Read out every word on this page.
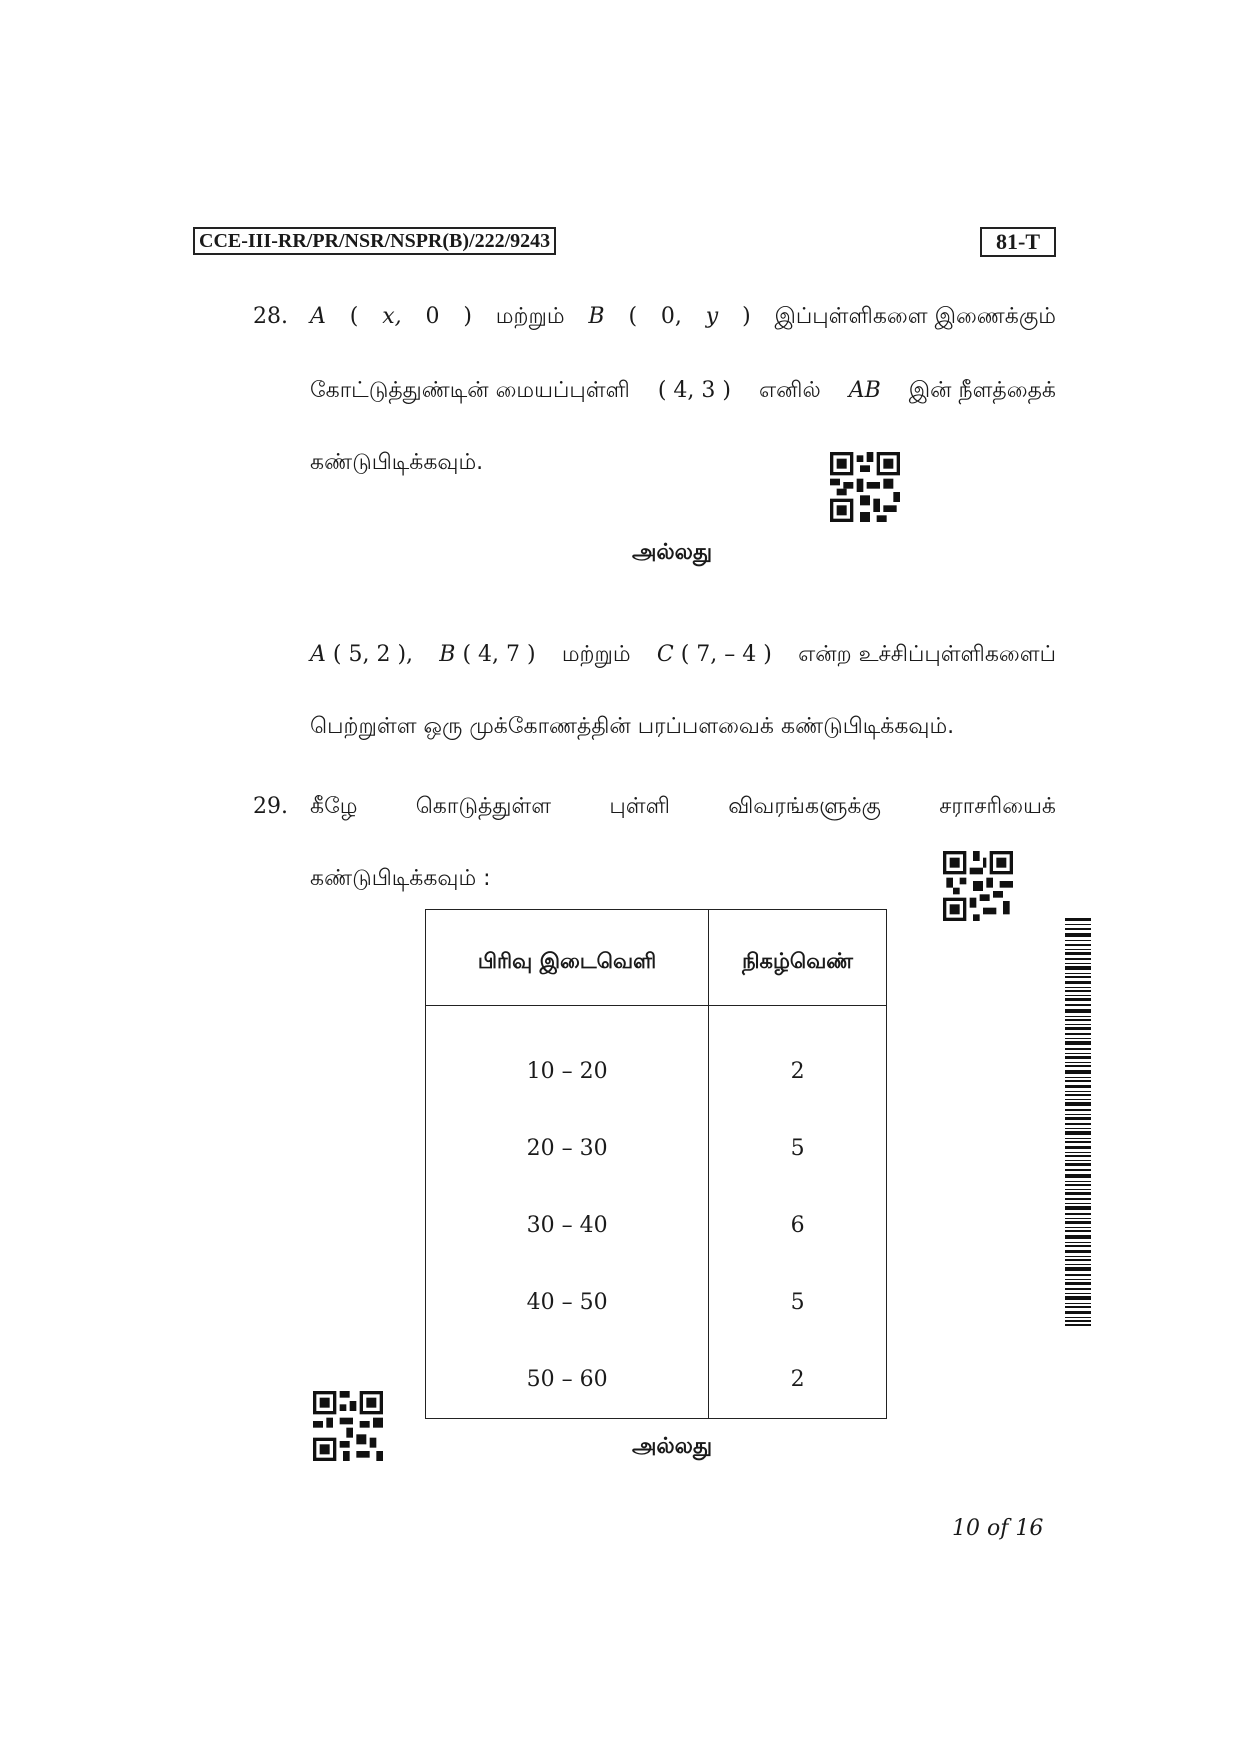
CCE-III-RR/PR/NSR/NSPR(B)/222/9243	81-T
28. A ( x, 0 ) மற்றும் B ( 0, y ) இப்புள்ளிகளை இணைக்கும்
கோட்டுத்துண்டின் மையப்புள்ளி ( 4, 3 ) எனில் AB இன் நீளத்தைக்
கண்டுபிடிக்கவும்.
அல்லது
A ( 5, 2 ), B ( 4, 7 ) மற்றும் C ( 7, – 4 ) என்ற உச்சிப்புள்ளிகளைப்
பெற்றுள்ள ஒரு முக்கோணத்தின் பரப்பளவைக் கண்டுபிடிக்கவும்.
29. கீழே	கொடுத்துள்ள	புள்ளி	விவரங்களுக்கு	சராசரியைக்
கண்டுபிடிக்கவும் :
பிரிவு இடைவெளி	நிகழ்வெண்
10 – 20	2
20 – 30	5
30 – 40	6
40 – 50	5
50 – 60	2
அல்லது
10 of 16
